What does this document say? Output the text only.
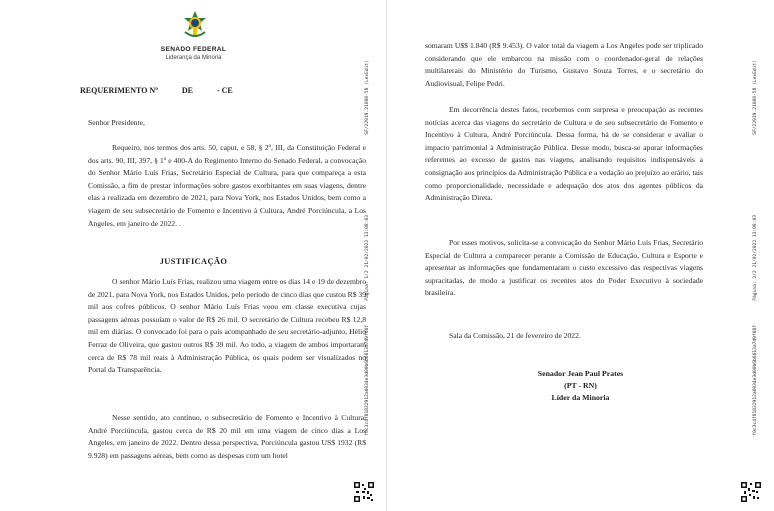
SENADO FEDERAL
Liderança da Minoria
REQUERIMENTO Nº            DE            - CE

Senhor Presidente,

Requeiro, nos termos dos arts. 50, caput, e 58, § 2º, III, da Constituição Federal e dos arts. 90, III, 397, § 1º e 400-A do Regimento Interno do Senado Federal, a convocação do Senhor Mário Luís Frias, Secretário Especial de Cultura, para que compareça a esta Comissão, a fim de prestar informações sobre gastos exorbitantes em suas viagens, dentre elas a realizada em dezembro de 2021, para Nova York, nos Estados Unidos, bem como a viagem de seu subsecretário de Fomento e Incentivo à Cultura, André Porciúncula, a Los Angeles, em janeiro de 2022. .

JUSTIFICAÇÃO

O senhor Mário Luís Frias, realizou uma viagem entre os dias 14 e 19 de dezembro de 2021, para Nova York, nos Estados Unidos, pelo período de cinco dias que custou R$ 39 mil aos cofres públicos. O senhor Mário Luís Frias voou em classe executiva cujas passagens aéreas possuíam o valor de R$ 26 mil. O secretário de Cultura recebeu R$ 12,8 mil em diárias. O convocado foi para o país acompanhado de seu secretário-adjunto, Hélio Ferraz de Oliveira, que gastou outros R$ 39 mil. Ao todo, a viagem de ambos importaram cerca de R$ 78 mil reais à Administração Pública, os quais podem ser visualizados no Portal da Transparência.

Nesse sentido, ato contínuo, o subsecretário de Fomento e Incentivo à Cultura, André Porciúncula, gastou cerca de R$ 20 mil em uma viagem de cinco dias a Los Angeles, em janeiro de 2022. Dentro dessa perspectiva, Porciúncula gastou US$ 1932 (R$ 9.928) em passagens aéreas, bem como as despesas com um hotel

SF/22919.21088-58 (LexEdit)
Página: 1/2 21/02/2022 13:08:03
f0c3c4f81832912a6034e3d00b6b6613a7d9f68f

somaram U$$ 1.840 (R$ 9.453). O valor total da viagem a Los Angeles pode ser triplicado considerando que ele embarcou na missão com o coordenador-geral de relações multilaterais do Ministério do Turismo, Gustavo Souza Torres, e o secretário do Audiovisual, Felipe Pedri.

Em decorrência destes fatos, recebemos com surpresa e preocupação as recentes notícias acerca das viagens do secretário de Cultura e de seu subsecretário de Fomento e Incentivo à Cultura, André Porciúncula. Dessa forma, há de se considerar e avaliar o impacto patrimonial à Administração Pública. Desse modo, busca-se apurar informações referentes ao excesso de gastos nas viagens, analisando requisitos indispensáveis a consignação aos princípios da Administração Pública e a vedação ao prejuízo ao erário, tais como proporcionalidade, necessidade e adequação dos atos dos agentes públicos da Administração Direta.

Por esses motivos, solicita-se a convocação do Senhor Mário Luís Frias, Secretário Especial de Cultura a comparecer perante a Comissão de Educação, Cultura e Esporte e apresentar as informações que fundamentaram o custo excessivo das respectivas viagens supracitadas, de modo a justificar os recentes atos do Poder Executivo à sociedade brasileira.

Sala da Comissão, 21 de fevereiro de 2022.

Senador Jean Paul Prates
(PT - RN)
Líder da Minoria
SF/22919.21088-58 (LexEdit)
Página: 2/2 21/02/2022 13:08:03
f0c3c4f81832912a6034e3d00b6b6613a7d9f68f
